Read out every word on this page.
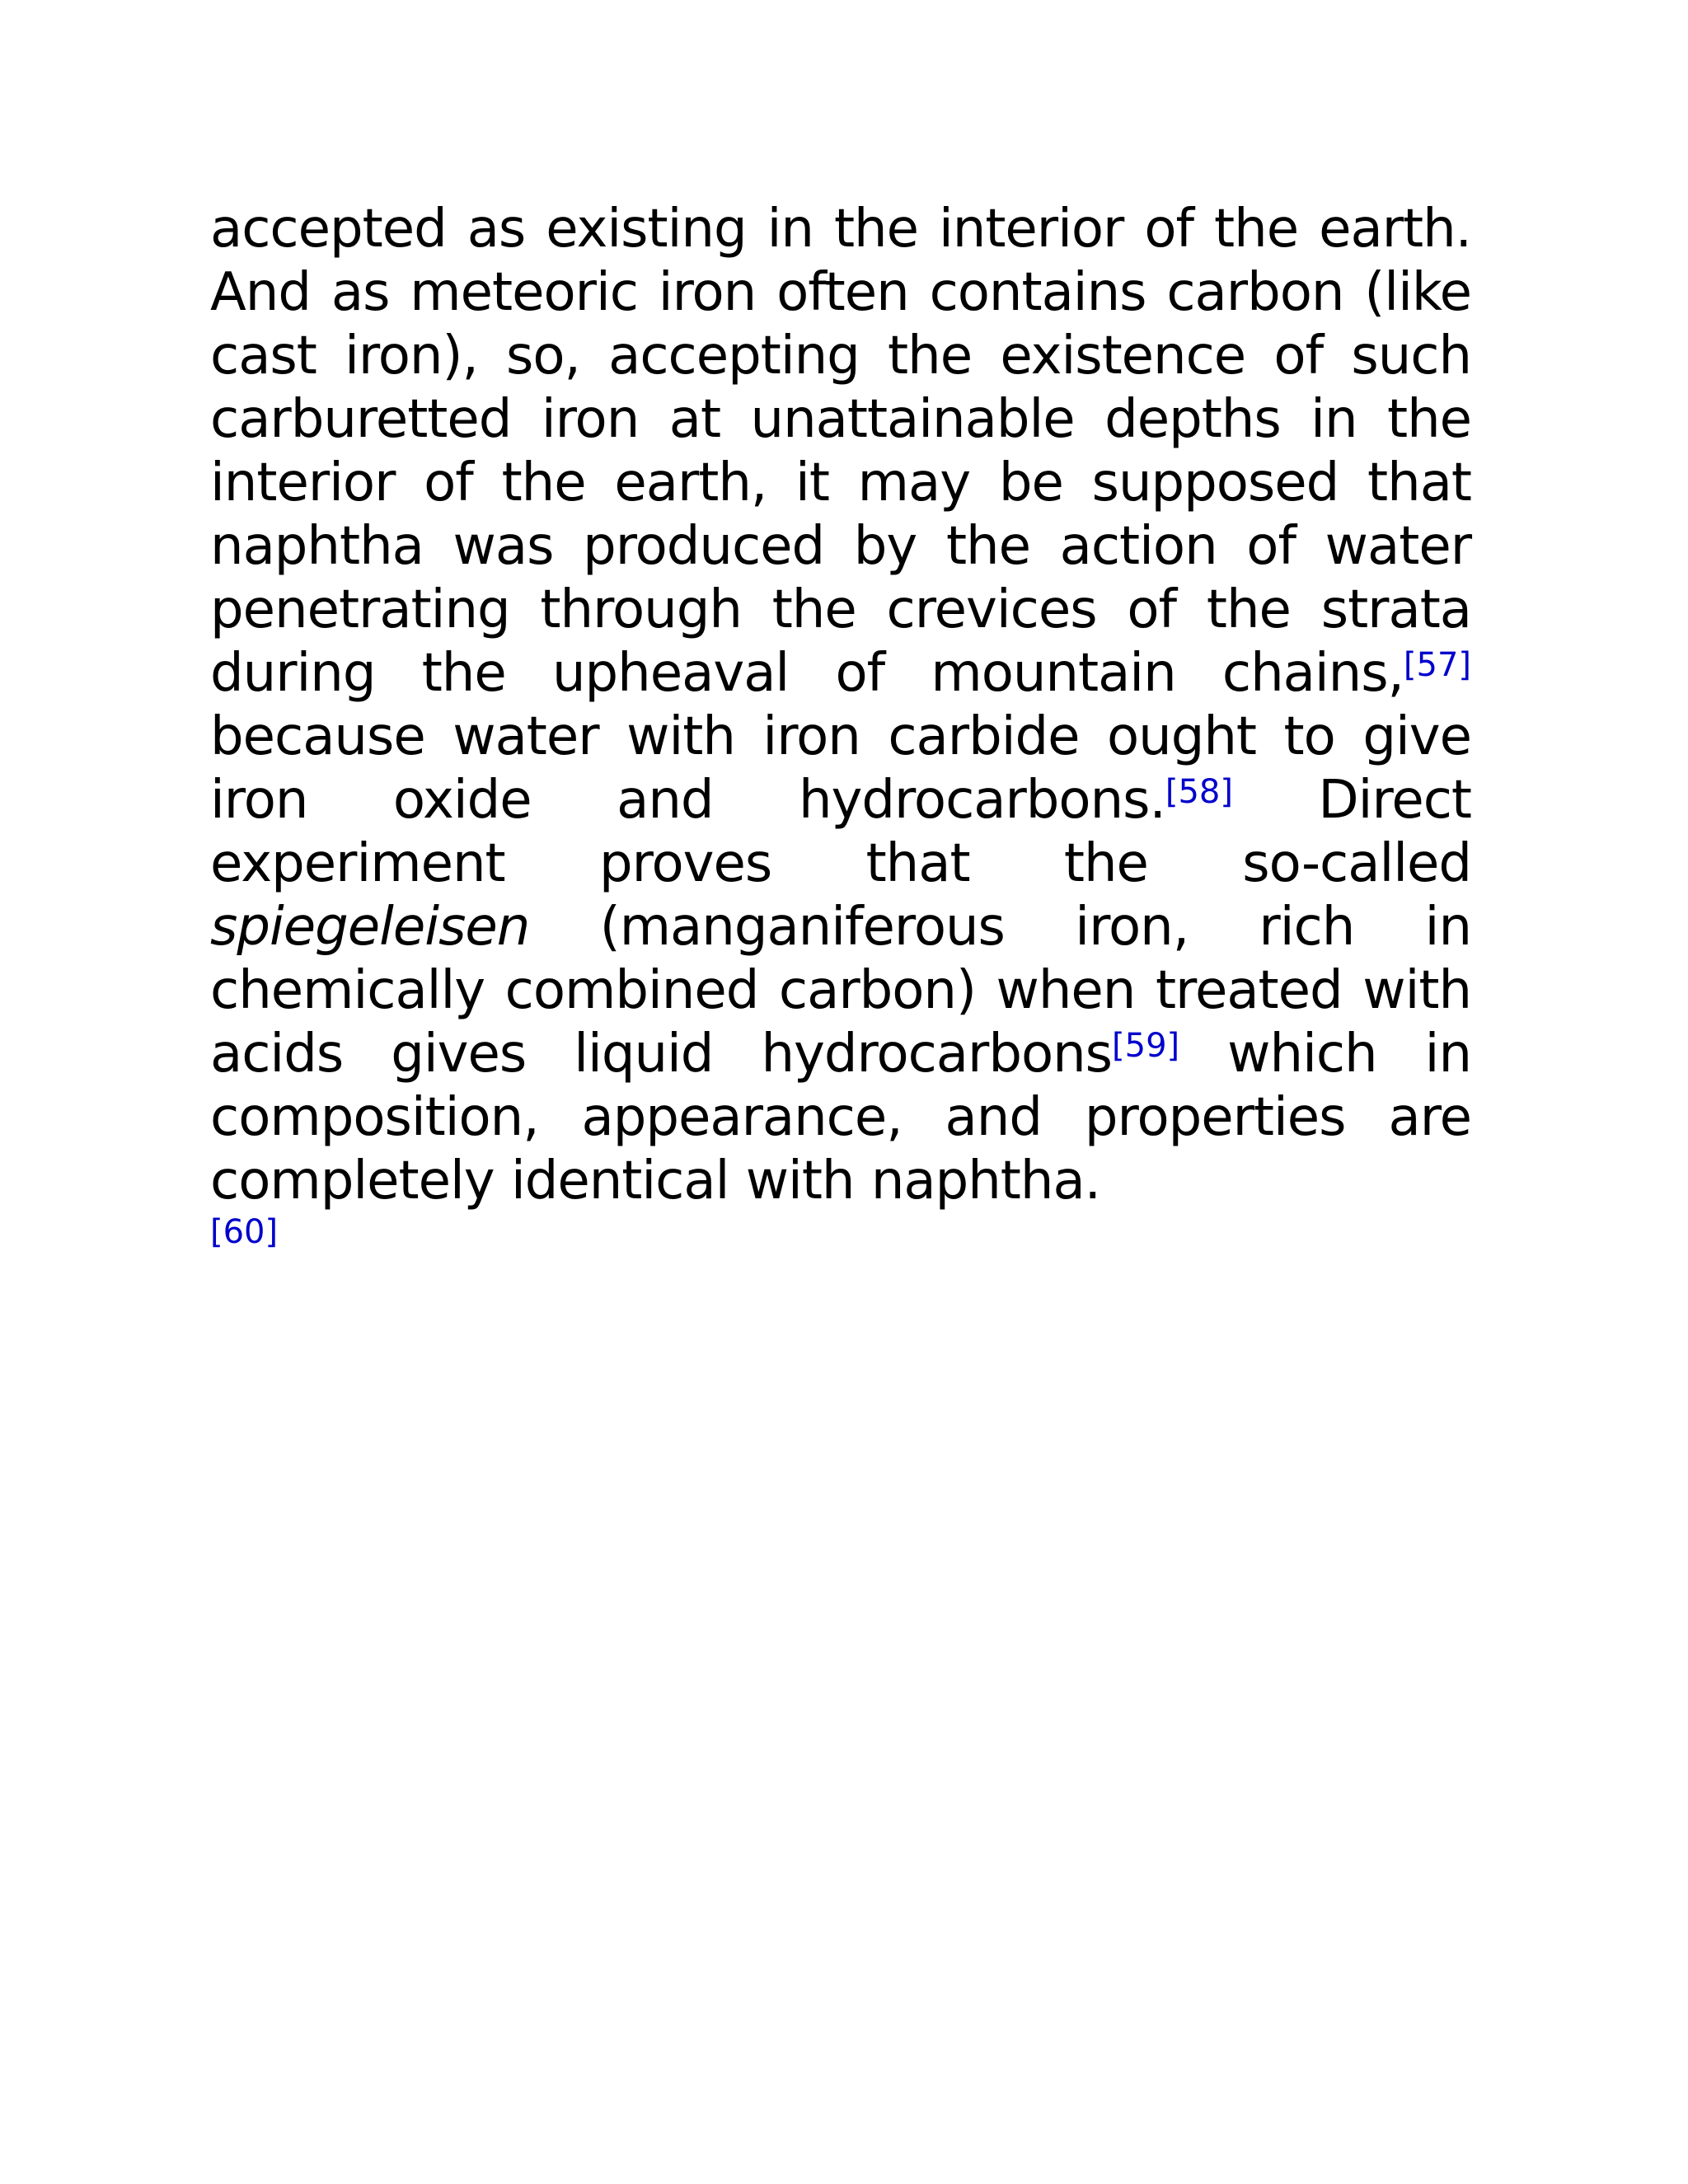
accepted as existing in the interior of the earth. And as meteoric iron often contains carbon (like cast iron), so, accepting the existence of such carburetted iron at unattainable depths in the interior of the earth, it may be supposed that naphtha was produced by the action of water penetrating through the crevices of the strata during the upheaval of mountain chains,[57] because water with iron carbide ought to give iron oxide and hydrocarbons.[58] Direct experiment proves that the so-called spiegeleisen (manganiferous iron, rich in chemically combined carbon) when treated with acids gives liquid hydrocarbons[59] which in composition, appearance, and properties are completely identical with naphtha.

[60]
